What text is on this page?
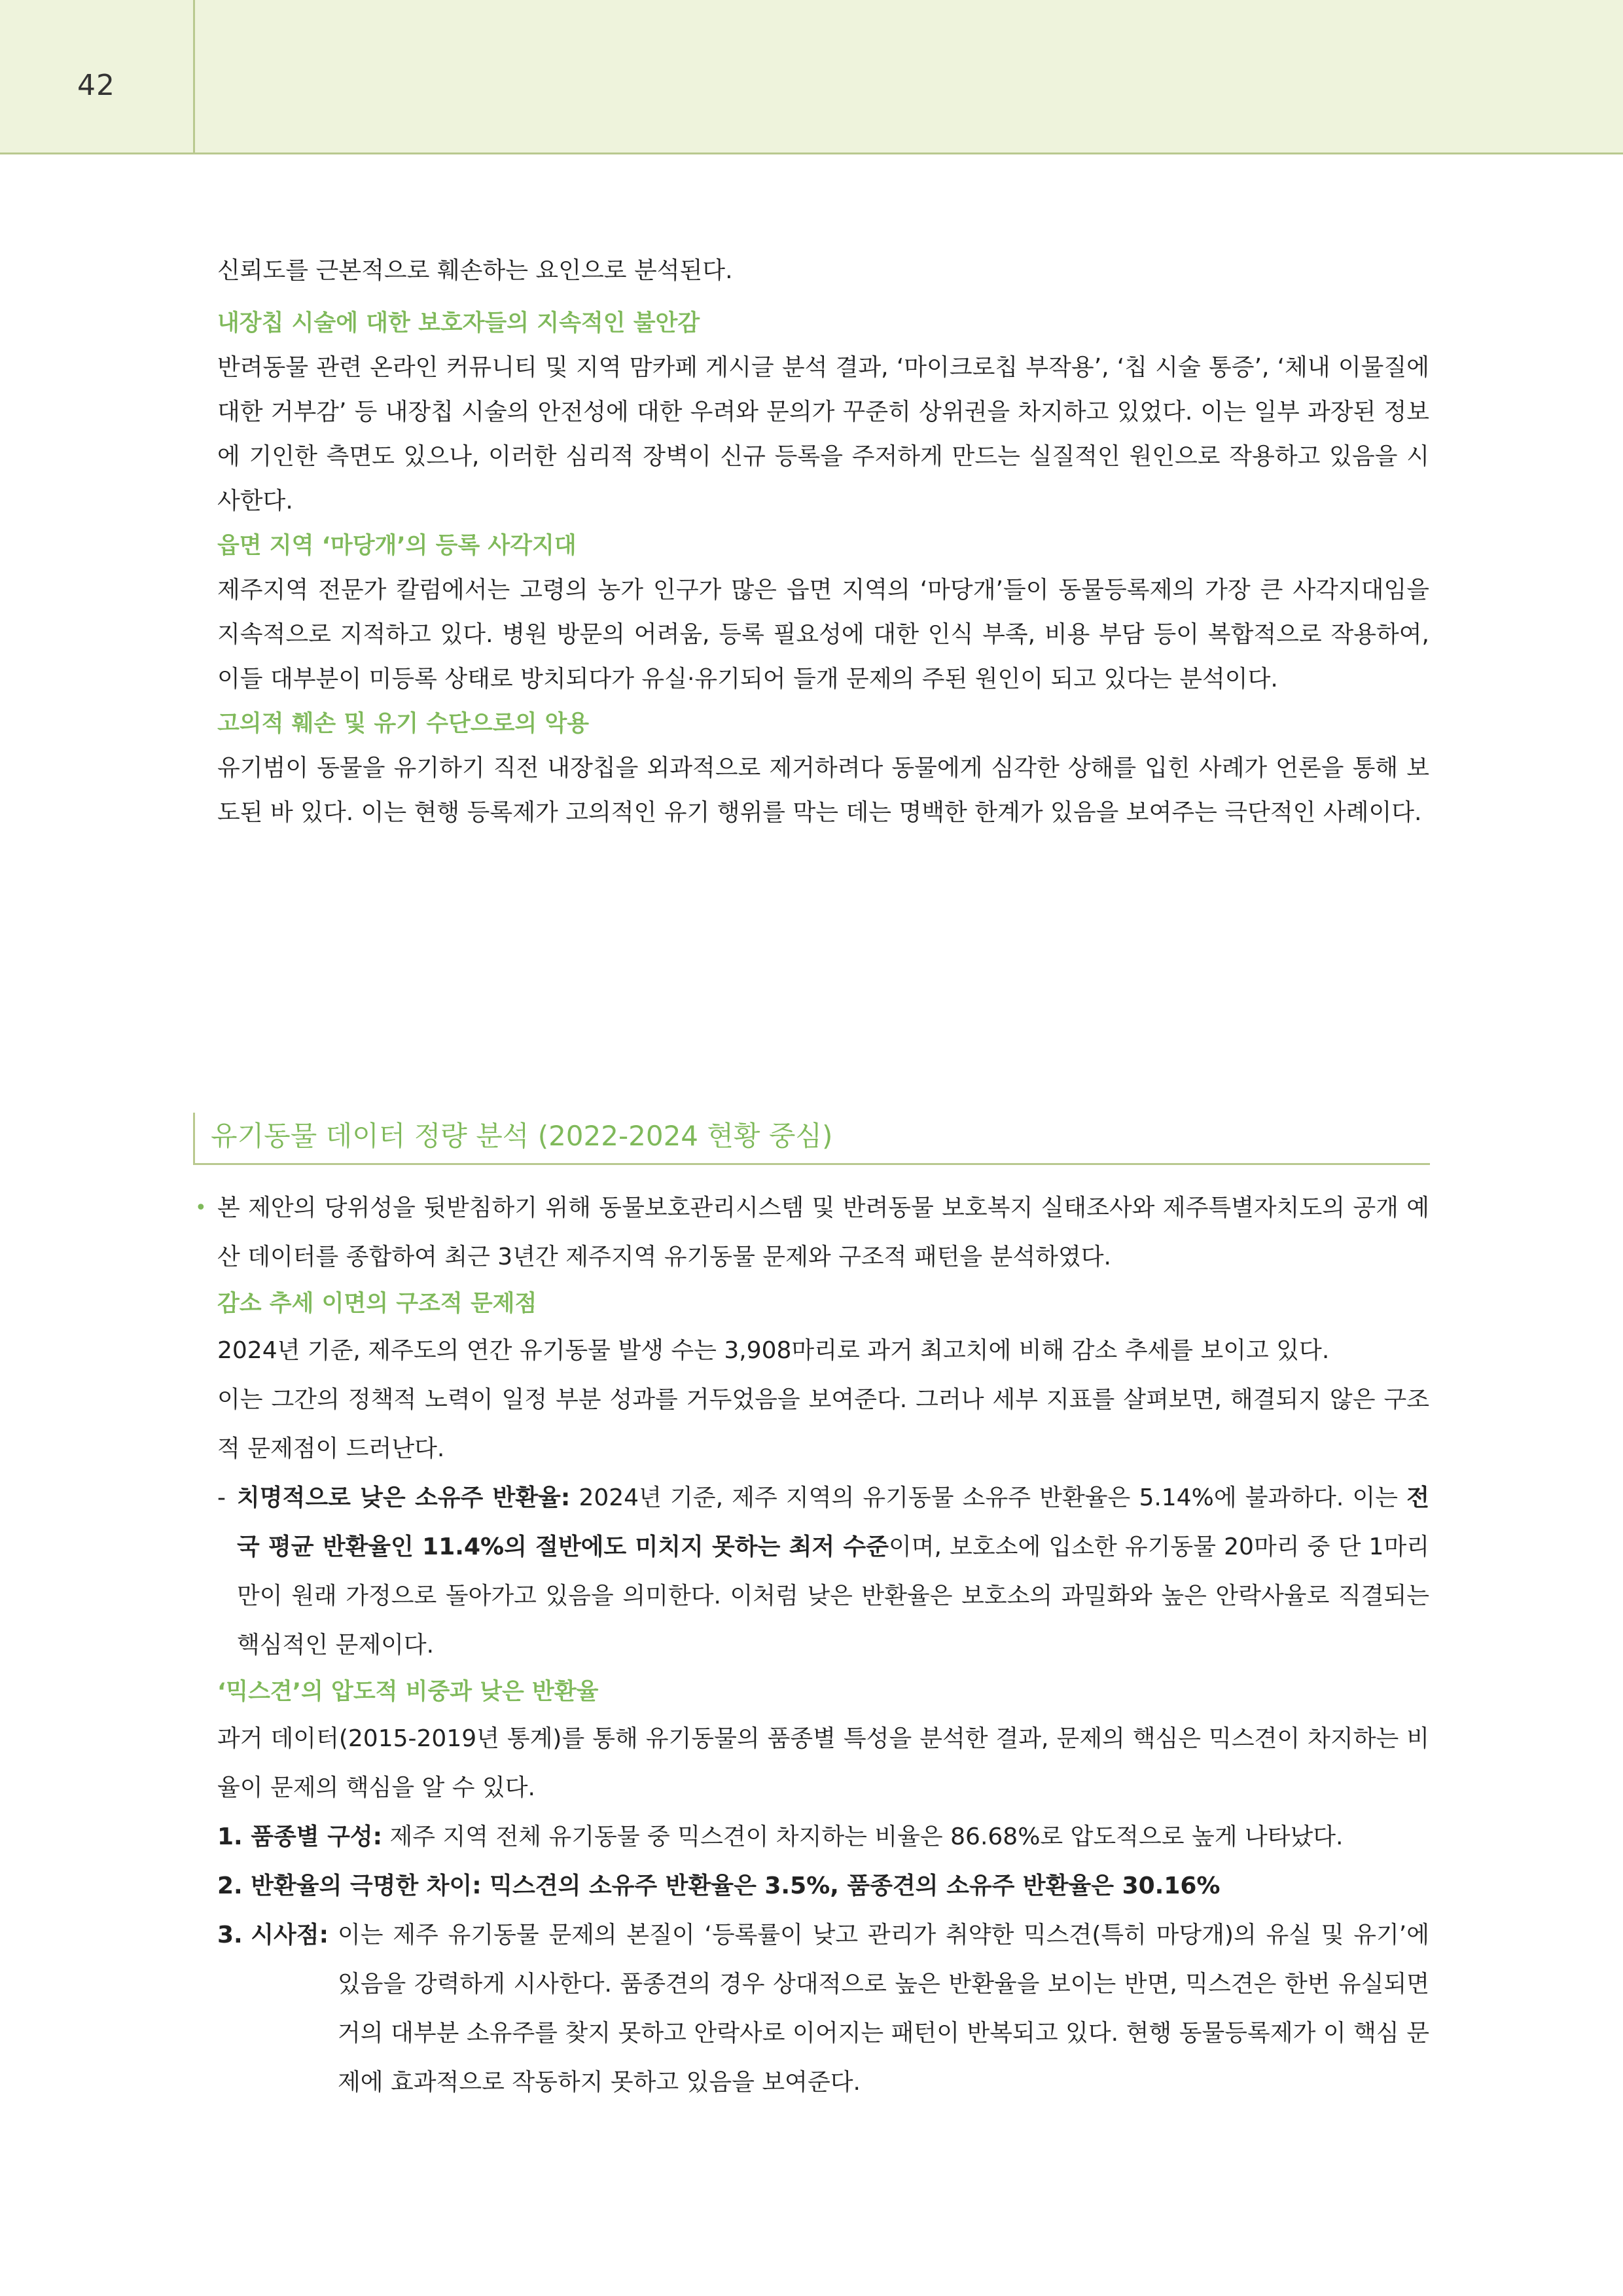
42

신뢰도를 근본적으로 훼손하는 요인으로 분석된다.

내장칩 시술에 대한 보호자들의 지속적인 불안감

반려동물 관련 온라인 커뮤니티 및 지역 맘카페 게시글 분석 결과, ‘마이크로칩 부작용’, ‘칩 시술 통증’, ‘체내 이물질에 대한 거부감’ 등 내장칩 시술의 안전성에 대한 우려와 문의가 꾸준히 상위권을 차지하고 있었다. 이는 일부 과장된 정보에 기인한 측면도 있으나, 이러한 심리적 장벽이 신규 등록을 주저하게 만드는 실질적인 원인으로 작용하고 있음을 시사한다.

읍면 지역 ‘마당개’의 등록 사각지대

제주지역 전문가 칼럼에서는 고령의 농가 인구가 많은 읍면 지역의 ‘마당개’들이 동물등록제의 가장 큰 사각지대임을 지속적으로 지적하고 있다. 병원 방문의 어려움, 등록 필요성에 대한 인식 부족, 비용 부담 등이 복합적으로 작용하여, 이들 대부분이 미등록 상태로 방치되다가 유실·유기되어 들개 문제의 주된 원인이 되고 있다는 분석이다.

고의적 훼손 및 유기 수단으로의 악용

유기범이 동물을 유기하기 직전 내장칩을 외과적으로 제거하려다 동물에게 심각한 상해를 입힌 사례가 언론을 통해 보도된 바 있다. 이는 현행 등록제가 고의적인 유기 행위를 막는 데는 명백한 한계가 있음을 보여주는 극단적인 사례이다.

유기동물 데이터 정량 분석 (2022-2024 현황 중심)

• 본 제안의 당위성을 뒷받침하기 위해 동물보호관리시스템 및 반려동물 보호복지 실태조사와 제주특별자치도의 공개 예산 데이터를 종합하여 최근 3년간 제주지역 유기동물 문제와 구조적 패턴을 분석하였다.

감소 추세 이면의 구조적 문제점

2024년 기준, 제주도의 연간 유기동물 발생 수는 3,908마리로 과거 최고치에 비해 감소 추세를 보이고 있다.

이는 그간의 정책적 노력이 일정 부분 성과를 거두었음을 보여준다. 그러나 세부 지표를 살펴보면, 해결되지 않은 구조적 문제점이 드러난다.

- 치명적으로 낮은 소유주 반환율: 2024년 기준, 제주 지역의 유기동물 소유주 반환율은 5.14%에 불과하다. 이는 전국 평균 반환율인 11.4%의 절반에도 미치지 못하는 최저 수준이며, 보호소에 입소한 유기동물 20마리 중 단 1마리만이 원래 가정으로 돌아가고 있음을 의미한다. 이처럼 낮은 반환율은 보호소의 과밀화와 높은 안락사율로 직결되는 핵심적인 문제이다.

‘믹스견’의 압도적 비중과 낮은 반환율

과거 데이터(2015-2019년 통계)를 통해 유기동물의 품종별 특성을 분석한 결과, 문제의 핵심은 믹스견이 차지하는 비율이 문제의 핵심을 알 수 있다.

1. 품종별 구성: 제주 지역 전체 유기동물 중 믹스견이 차지하는 비율은 86.68%로 압도적으로 높게 나타났다.

2. 반환율의 극명한 차이: 믹스견의 소유주 반환율은 3.5%, 품종견의 소유주 반환율은 30.16%

3. 시사점: 이는 제주 유기동물 문제의 본질이 ‘등록률이 낮고 관리가 취약한 믹스견(특히 마당개)의 유실 및 유기’에 있음을 강력하게 시사한다. 품종견의 경우 상대적으로 높은 반환율을 보이는 반면, 믹스견은 한번 유실되면 거의 대부분 소유주를 찾지 못하고 안락사로 이어지는 패턴이 반복되고 있다. 현행 동물등록제가 이 핵심 문제에 효과적으로 작동하지 못하고 있음을 보여준다.
